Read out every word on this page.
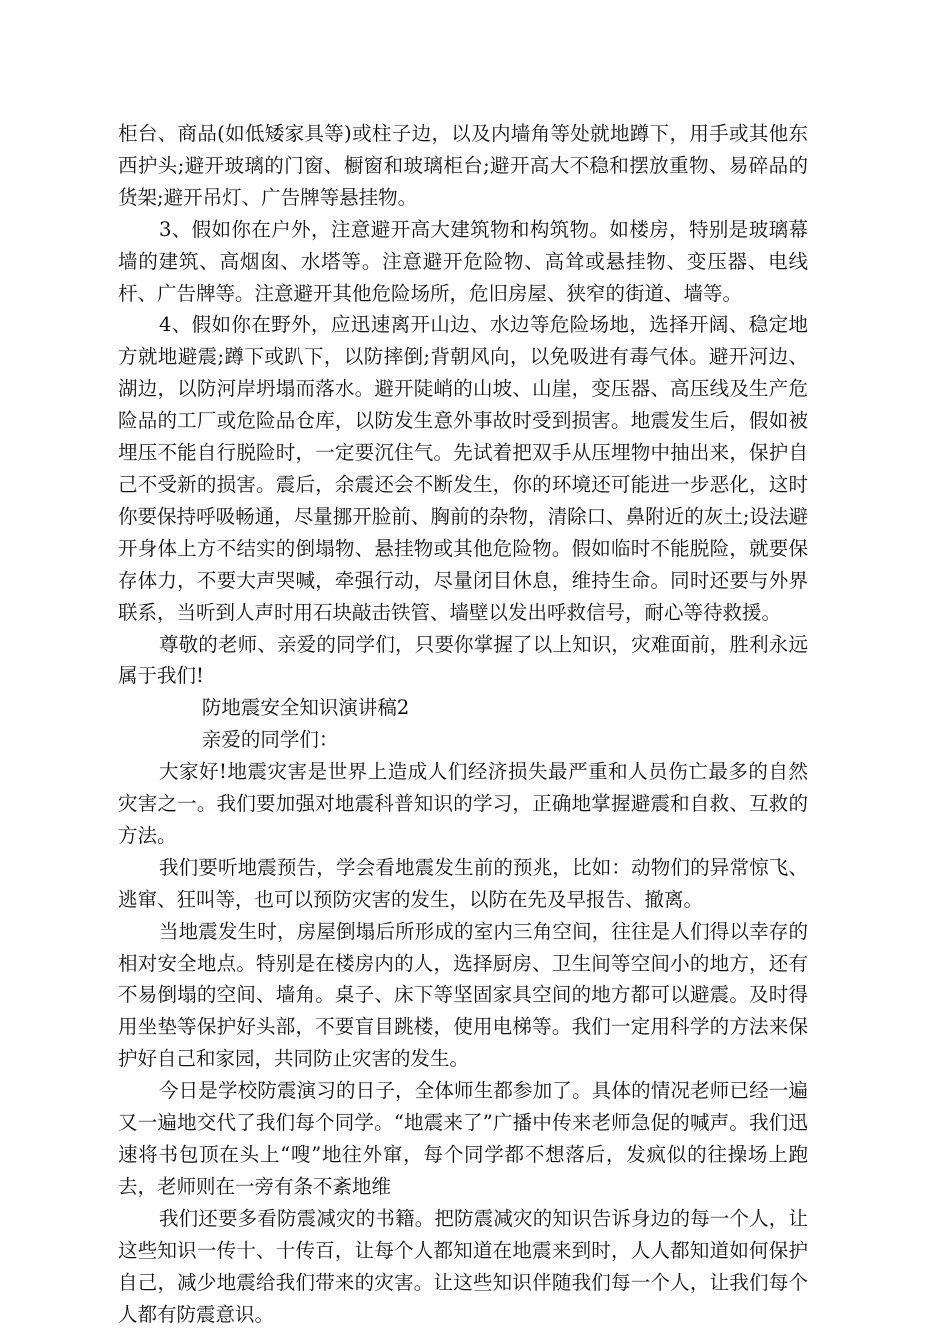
柜台、商品(如低矮家具等)或柱子边，以及内墙角等处就地蹲下，用手或其他东西护头;避开玻璃的门窗、橱窗和玻璃柜台;避开高大不稳和摆放重物、易碎品的货架;避开吊灯、广告牌等悬挂物。

3、假如你在户外，注意避开高大建筑物和构筑物。如楼房，特别是玻璃幕墙的建筑、高烟囱、水塔等。注意避开危险物、高耸或悬挂物、变压器、电线杆、广告牌等。注意避开其他危险场所，危旧房屋、狭窄的街道、墙等。

4、假如你在野外，应迅速离开山边、水边等危险场地，选择开阔、稳定地方就地避震;蹲下或趴下，以防摔倒;背朝风向，以免吸进有毒气体。避开河边、湖边，以防河岸坍塌而落水。避开陡峭的山坡、山崖，变压器、高压线及生产危险品的工厂或危险品仓库，以防发生意外事故时受到损害。地震发生后，假如被埋压不能自行脱险时，一定要沉住气。先试着把双手从压埋物中抽出来，保护自己不受新的损害。震后，余震还会不断发生，你的环境还可能进一步恶化，这时你要保持呼吸畅通，尽量挪开脸前、胸前的杂物，清除口、鼻附近的灰土;设法避开身体上方不结实的倒塌物、悬挂物或其他危险物。假如临时不能脱险，就要保存体力，不要大声哭喊，牵强行动，尽量闭目休息，维持生命。同时还要与外界联系，当听到人声时用石块敲击铁管、墙壁以发出呼救信号，耐心等待救援。

尊敬的老师、亲爱的同学们，只要你掌握了以上知识，灾难面前，胜利永远属于我们!

防地震安全知识演讲稿2

亲爱的同学们：

大家好!地震灾害是世界上造成人们经济损失最严重和人员伤亡最多的自然灾害之一。我们要加强对地震科普知识的学习，正确地掌握避震和自救、互救的方法。

我们要听地震预告，学会看地震发生前的预兆，比如：动物们的异常惊飞、逃窜、狂叫等，也可以预防灾害的发生，以防在先及早报告、撤离。

当地震发生时，房屋倒塌后所形成的室内三角空间，往往是人们得以幸存的相对安全地点。特别是在楼房内的人，选择厨房、卫生间等空间小的地方，还有不易倒塌的空间、墙角。桌子、床下等坚固家具空间的地方都可以避震。及时得用坐垫等保护好头部，不要盲目跳楼，使用电梯等。我们一定用科学的方法来保护好自己和家园，共同防止灾害的发生。

今日是学校防震演习的日子，全体师生都参加了。具体的情况老师已经一遍又一遍地交代了我们每个同学。“地震来了”广播中传来老师急促的喊声。我们迅速将书包顶在头上“嗖”地往外窜，每个同学都不想落后，发疯似的往操场上跑去，老师则在一旁有条不紊地维

我们还要多看防震减灾的书籍。把防震减灾的知识告诉身边的每一个人，让这些知识一传十、十传百，让每个人都知道在地震来到时，人人都知道如何保护自己，减少地震给我们带来的灾害。让这些知识伴随我们每一个人，让我们每个人都有防震意识。
